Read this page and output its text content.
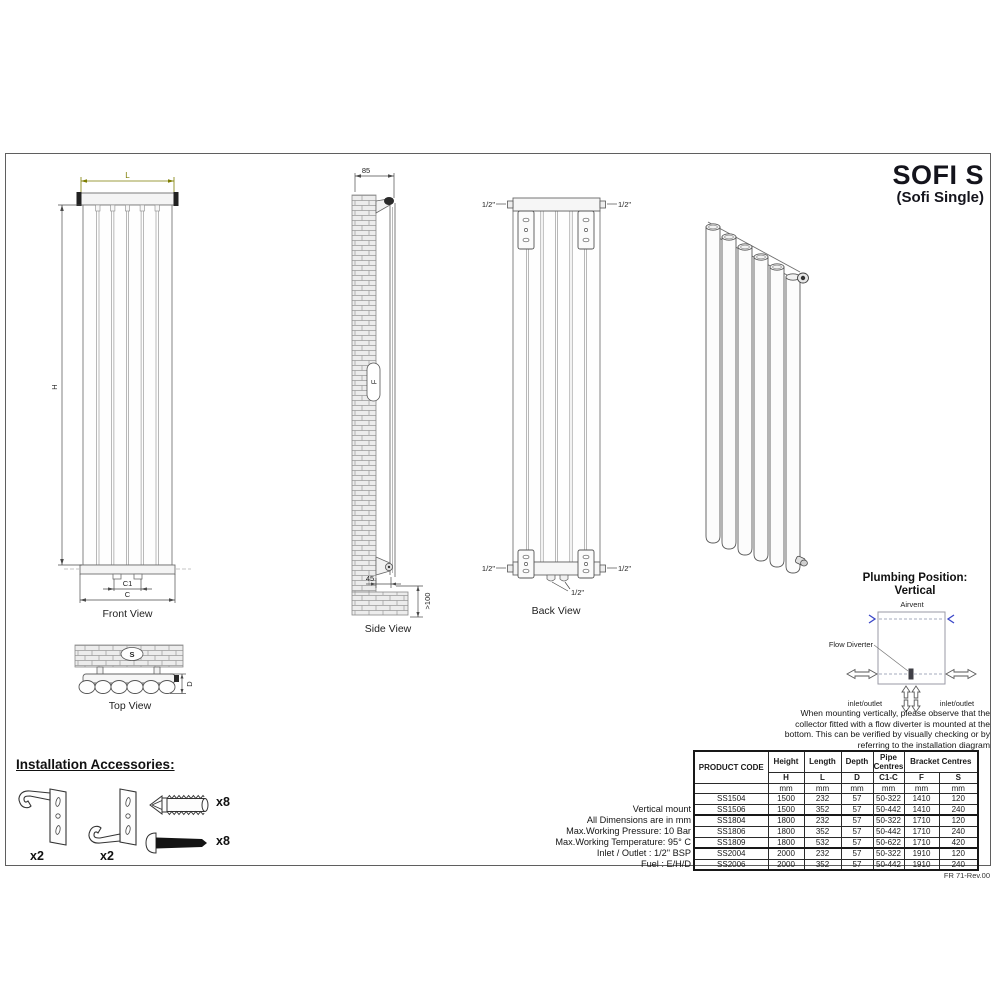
SOFI S
(Sofi Single)
L
H
C1
C
Front View
85
F
45
>100
Side View
1/2"	1/2"
1/2"	1/2"
1/2"
Back View
S
D
Top View
Plumbing Position:
Vertical
Airvent
Flow Diverter
inlet/outlet	inlet/outlet
When mounting vertically, please observe that the collector fitted with a flow diverter is mounted at the bottom. This can be verified by visually checking or by referring to the installation diagram
Vertical mount
All Dimensions are in mm
Max.Working Pressure: 10 Bar
Max.Working Temperature: 95° C
Inlet / Outlet : 1/2" BSP
Fuel : E/H/D
PRODUCT CODE	Height	Length	Depth	Pipe Centres	Bracket Centres	
	H	L	D	C1-C	F	S
	mm	mm	mm	mm	mm	mm
SS1504	1500	232	57	50-322	1410	120
SS1506	1500	352	57	50-442	1410	240
SS1804	1800	232	57	50-322	1710	120
SS1806	1800	352	57	50-442	1710	240
SS1809	1800	532	57	50-622	1710	420
SS2004	2000	232	57	50-322	1910	120
SS2006	2000	352	57	50-442	1910	240
Installation Accessories:
x2	x2
x8
x8
FR 71-Rev.00
